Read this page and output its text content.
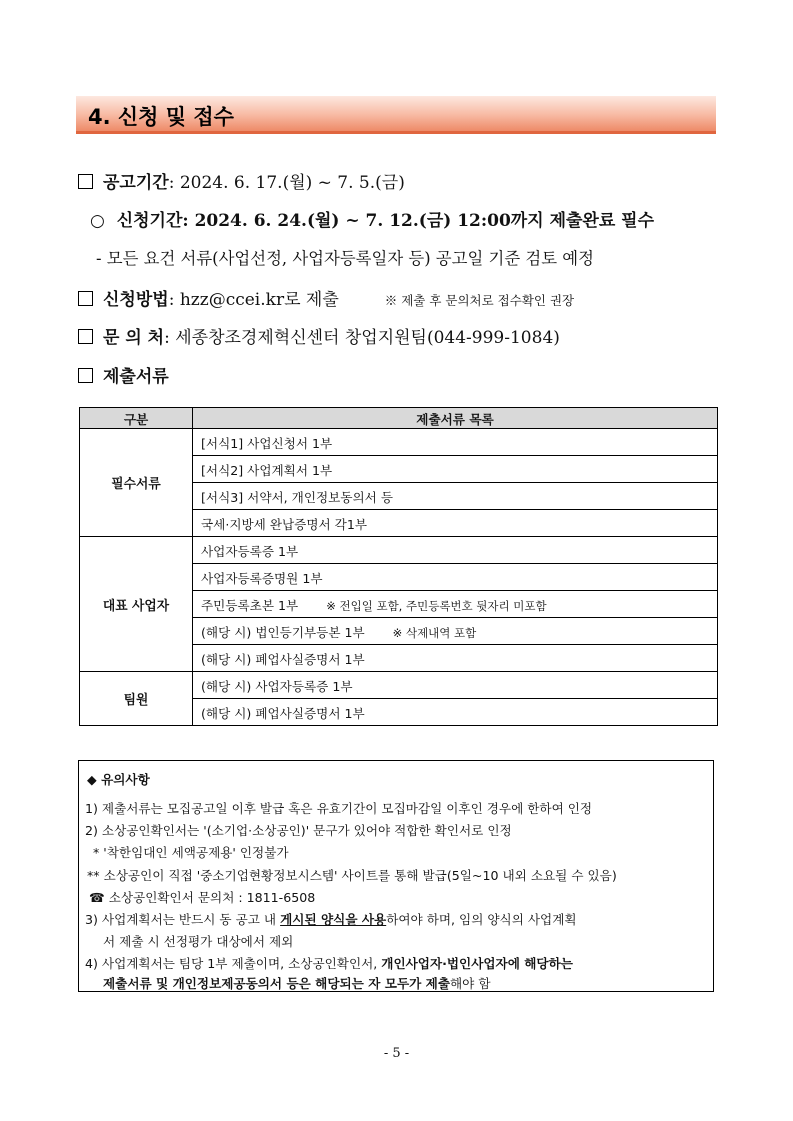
4. 신청 및 접수
공고기간: 2024. 6. 17.(월) ~ 7. 5.(금)
○ 신청기간: 2024. 6. 24.(월) ~ 7. 12.(금) 12:00까지 제출완료 필수
- 모든 요건 서류(사업선정, 사업자등록일자 등) 공고일 기준 검토 예정
신청방법: hzz@ccei.kr로 제출	※ 제출 후 문의처로 접수확인 권장
문 의 처: 세종창조경제혁신센터 창업지원팀(044-999-1084)
제출서류
구분	제출서류 목록
필수서류	[서식1] 사업신청서 1부
	[서식2] 사업계획서 1부
	[서식3] 서약서, 개인정보동의서 등
	국세·지방세 완납증명서 각1부
대표 사업자	사업자등록증 1부
	사업자등록증명원 1부
	주민등록초본 1부 ※ 전입일 포함, 주민등록번호 뒷자리 미포함
	(해당 시) 법인등기부등본 1부 ※ 삭제내역 포함
	(해당 시) 폐업사실증명서 1부
팀원	(해당 시) 사업자등록증 1부
	(해당 시) 폐업사실증명서 1부
◆ 유의사항
1) 제출서류는 모집공고일 이후 발급 혹은 유효기간이 모집마감일 이후인 경우에 한하여 인정
2) 소상공인확인서는 '(소기업·소상공인)' 문구가 있어야 적합한 확인서로 인정
* '착한임대인 세액공제용' 인정불가
** 소상공인이 직접 '중소기업현황정보시스템' 사이트를 통해 발급(5일~10 내외 소요될 수 있음)
☎ 소상공인확인서 문의처 : 1811-6508
3) 사업계획서는 반드시 동 공고 내 게시된 양식을 사용하여야 하며, 임의 양식의 사업계획
서 제출 시 선정평가 대상에서 제외
4) 사업계획서는 팀당 1부 제출이며, 소상공인확인서, 개인사업자·법인사업자에 해당하는
제출서류 및 개인정보제공동의서 등은 해당되는 자 모두가 제출해야 함
- 5 -
